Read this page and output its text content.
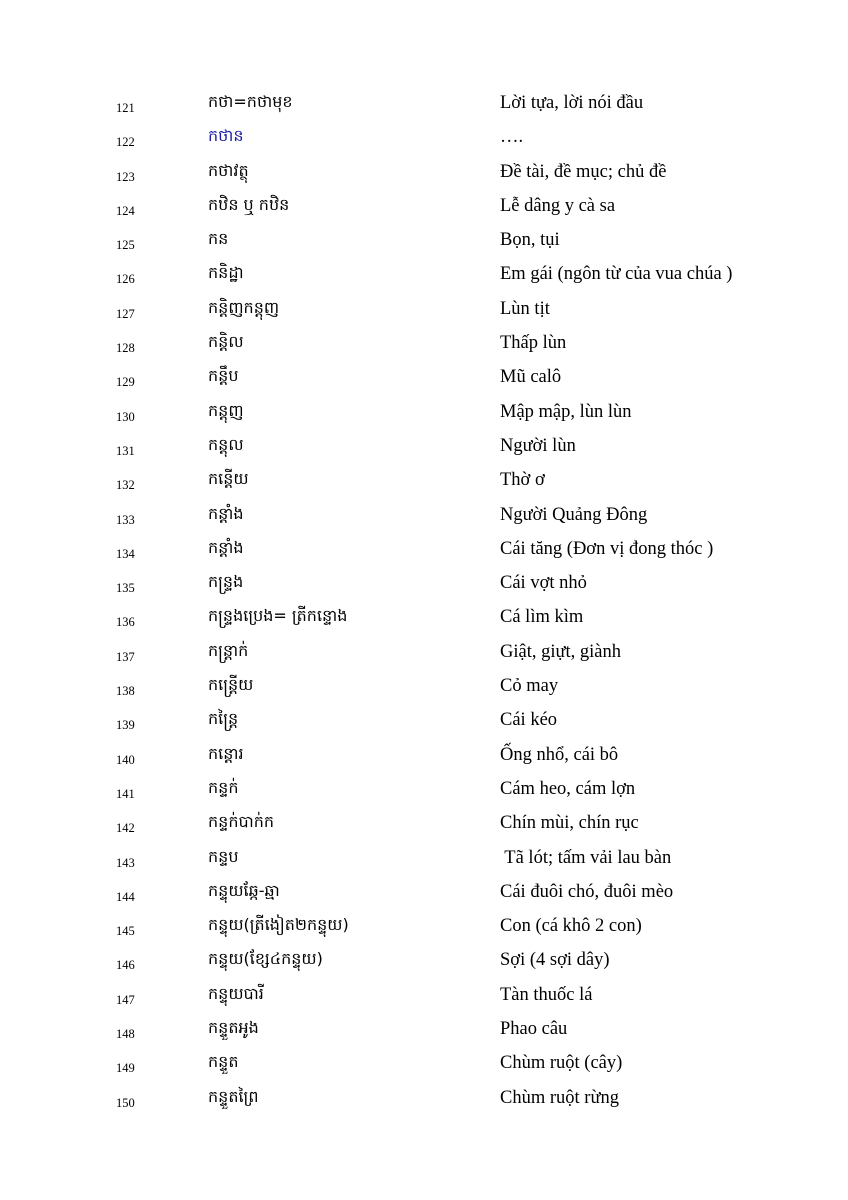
121	កថា=កថាមុខ	Lời tựa, lời nói đầu
122	កថាន	….
123	កថាវត្ថុ	Đề tài, đề mục; chủ đề
124	កឋិន ឬ កឋិន	Lễ dâng y cà sa
125	កន	Bọn, tụi
126	កនិដ្ឋា	Em gái (ngôn từ của vua chúa )
127	កន្តិញកន្តុញ	Lùn tịt
128	កន្តិល	Thấp lùn
129	កន្តឹប	Mũ calô
130	កន្តុញ	Mập mập, lùn lùn
131	កន្តុល	Người lùn
132	កន្តើយ	Thờ ơ
133	កន្តាំង	Người Quảng Đông
134	កន្តាំង	Cái tăng (Đơn vị đong thóc )
135	កន្ទ្រង	Cái vợt nhỏ
136	កន្ទ្រងប្រេង= ត្រីកន្ទោង	Cá lìm kìm
137	កន្ត្រាក់	Giật, giựt, giành
138	កន្ត្រើយ	Cỏ may
139	កន្ត្រៃ	Cái kéo
140	កន្តោរ	Ống nhổ, cái bô
141	កន្ទក់	Cám heo, cám lợn
142	កន្ទក់បាក់ក	Chín mùi, chín rục
143	កន្ទប	Tã lót; tấm vải lau bàn
144	កន្ទុយឆ្កែ-ឆ្មា	Cái đuôi chó, đuôi mèo
145	កន្ទុយ(ត្រីងៀត២កន្ទុយ)	Con (cá khô 2 con)
146	កន្ទុយ(ខ្សែ៤កន្ទុយ)	Sợi (4 sợi dây)
147	កន្ទុយបារី	Tàn thuốc lá
148	កន្ទួតអូង	Phao câu
149	កន្ទួត	Chùm ruột (cây)
150	កន្ទួតព្រៃ	Chùm ruột rừng
